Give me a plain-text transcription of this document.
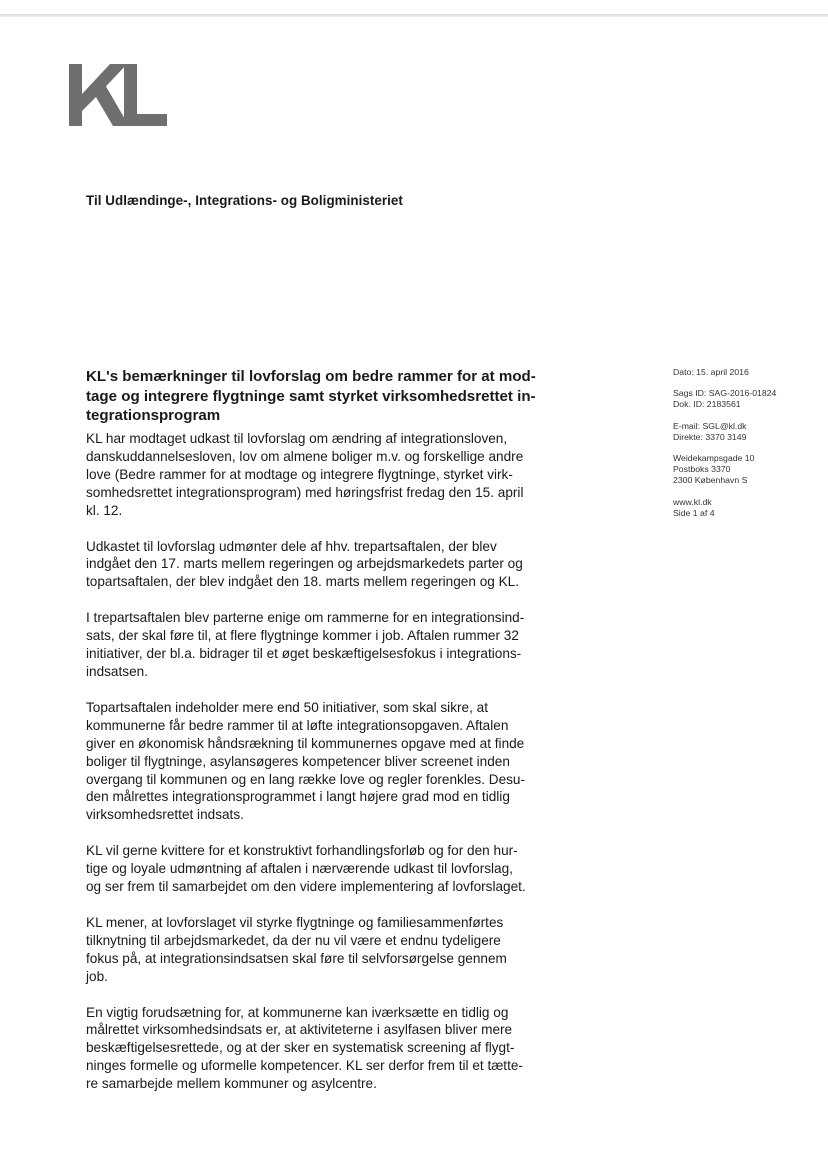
Til Udlændinge-, Integrations- og Boligministeriet
KL's bemærkninger til lovforslag om bedre rammer for at mod-
tage og integrere flygtninge samt styrket virksomhedsrettet in-
tegrationsprogram
Dato: 15. april 2016
Sags ID: SAG-2016-01824
Dok. ID: 2183561
E-mail: SGL@kl.dk
Direkte: 3370 3149
Weidekampsgade 10
Postboks 3370
2300 København S
www.kl.dk
Side 1 af 4

KL har modtaget udkast til lovforslag om ændring af integrationsloven,
danskuddannelsesloven, lov om almene boliger m.v. og forskellige andre
love (Bedre rammer for at modtage og integrere flygtninge, styrket virk-
somhedsrettet integrationsprogram) med høringsfrist fredag den 15. april
kl. 12.

Udkastet til lovforslag udmønter dele af hhv. trepartsaftalen, der blev
indgået den 17. marts mellem regeringen og arbejdsmarkedets parter og
topartsaftalen, der blev indgået den 18. marts mellem regeringen og KL.

I trepartsaftalen blev parterne enige om rammerne for en integrationsind-
sats, der skal føre til, at flere flygtninge kommer i job. Aftalen rummer 32
initiativer, der bl.a. bidrager til et øget beskæftigelsesfokus i integrations-
indsatsen.

Topartsaftalen indeholder mere end 50 initiativer, som skal sikre, at
kommunerne får bedre rammer til at løfte integrationsopgaven. Aftalen
giver en økonomisk håndsrækning til kommunernes opgave med at finde
boliger til flygtninge, asylansøgeres kompetencer bliver screenet inden
overgang til kommunen og en lang række love og regler forenkles. Desu-
den målrettes integrationsprogrammet i langt højere grad mod en tidlig
virksomhedsrettet indsats.

KL vil gerne kvittere for et konstruktivt forhandlingsforløb og for den hur-
tige og loyale udmøntning af aftalen i nærværende udkast til lovforslag,
og ser frem til samarbejdet om den videre implementering af lovforslaget.

KL mener, at lovforslaget vil styrke flygtninge og familiesammenførtes
tilknytning til arbejdsmarkedet, da der nu vil være et endnu tydeligere
fokus på, at integrationsindsatsen skal føre til selvforsørgelse gennem
job.

En vigtig forudsætning for, at kommunerne kan iværksætte en tidlig og
målrettet virksomhedsindsats er, at aktiviteterne i asylfasen bliver mere
beskæftigelsesrettede, og at der sker en systematisk screening af flygt-
ninges formelle og uformelle kompetencer. KL ser derfor frem til et tætte-
re samarbejde mellem kommuner og asylcentre.
